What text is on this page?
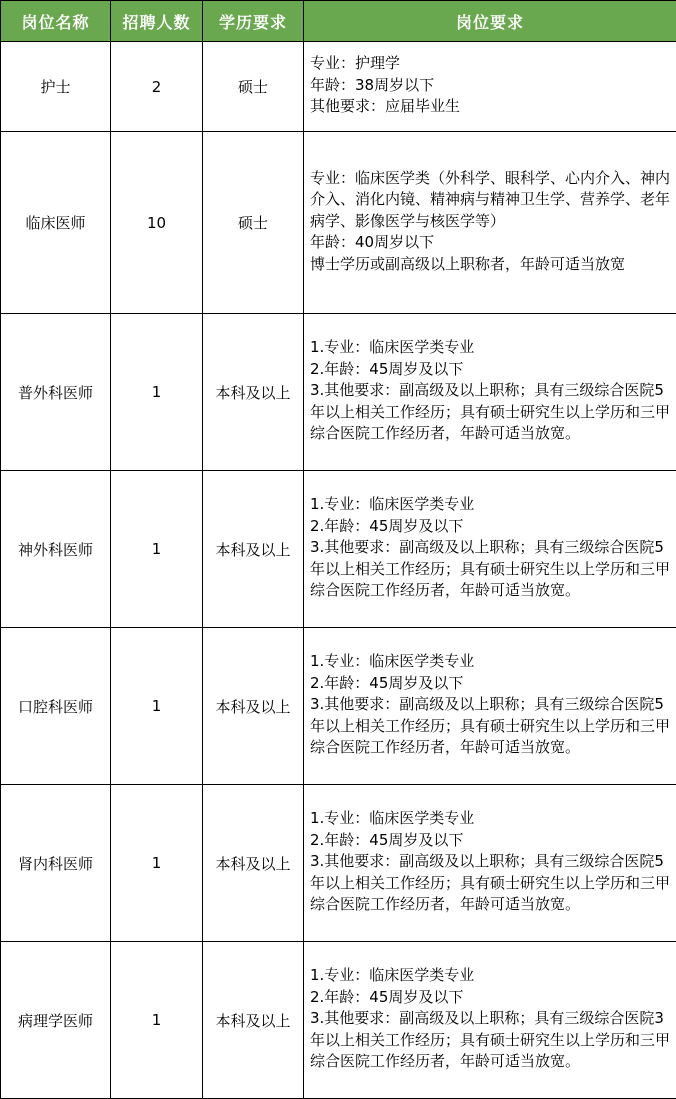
岗位名称	招聘人数	学历要求	岗位要求
护士	2	硕士	专业：护理学
年龄：38周岁以下
其他要求：应届毕业生

临床医师	10	硕士	专业：临床医学类（外科学、眼科学、心内介入、神内介入、消化内镜、精神病与精神卫生学、营养学、老年病学、影像医学与核医学等）
年龄：40周岁以下
博士学历或副高级以上职称者，年龄可适当放宽

普外科医师	1	本科及以上	1.专业：临床医学类专业
2.年龄：45周岁及以下
3.其他要求：副高级及以上职称；具有三级综合医院5年以上相关工作经历；具有硕士研究生以上学历和三甲综合医院工作经历者，年龄可适当放宽。

神外科医师	1	本科及以上	1.专业：临床医学类专业
2.年龄：45周岁及以下
3.其他要求：副高级及以上职称；具有三级综合医院5年以上相关工作经历；具有硕士研究生以上学历和三甲综合医院工作经历者，年龄可适当放宽。

口腔科医师	1	本科及以上	1.专业：临床医学类专业
2.年龄：45周岁及以下
3.其他要求：副高级及以上职称；具有三级综合医院5年以上相关工作经历；具有硕士研究生以上学历和三甲综合医院工作经历者，年龄可适当放宽。

肾内科医师	1	本科及以上	1.专业：临床医学类专业
2.年龄：45周岁及以下
3.其他要求：副高级及以上职称；具有三级综合医院5年以上相关工作经历；具有硕士研究生以上学历和三甲综合医院工作经历者，年龄可适当放宽。

病理学医师	1	本科及以上	1.专业：临床医学类专业
2.年龄：45周岁及以下
3.其他要求：副高级及以上职称；具有三级综合医院3年以上相关工作经历；具有硕士研究生以上学历和三甲综合医院工作经历者，年龄可适当放宽。
